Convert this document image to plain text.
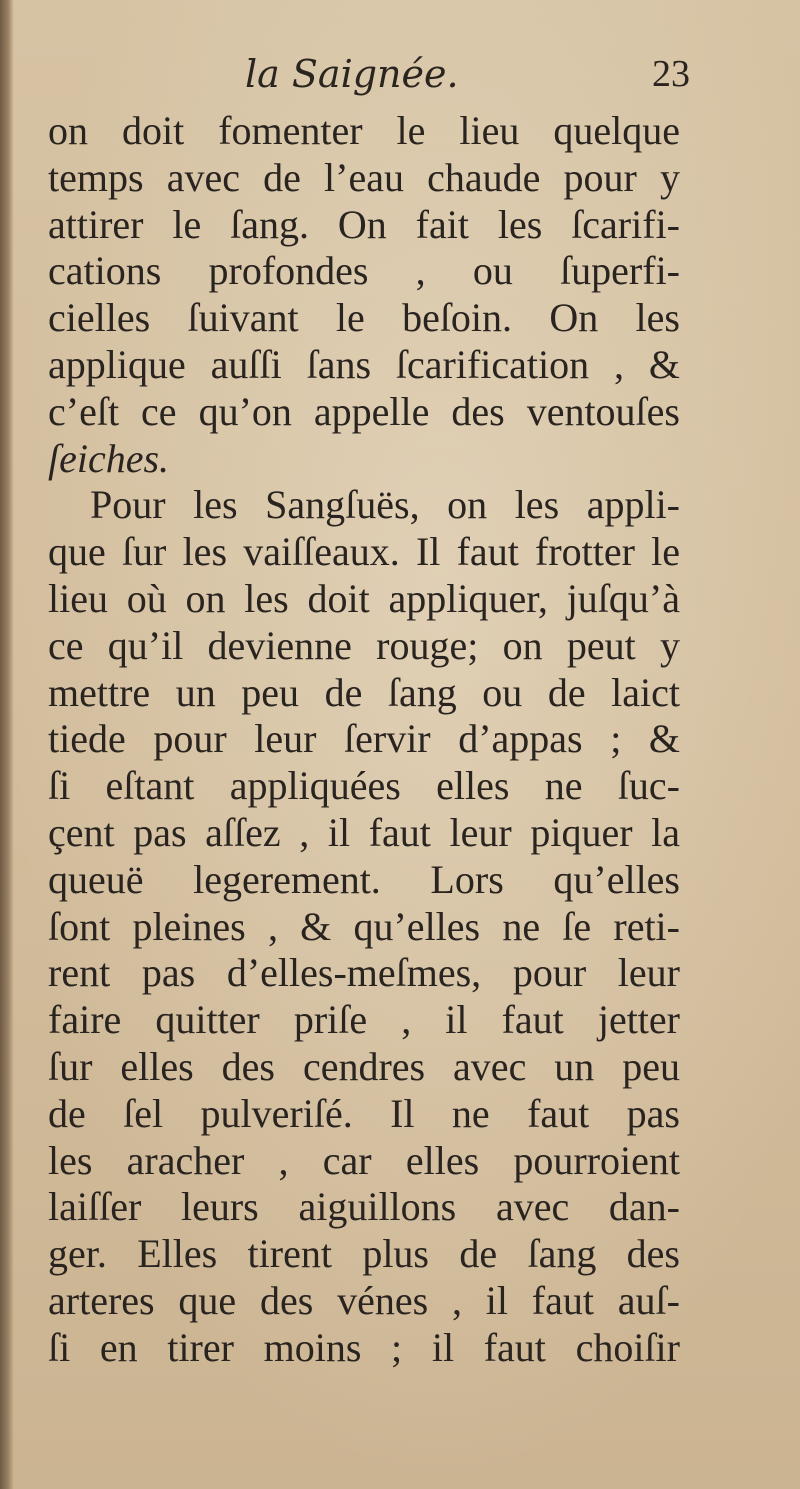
la Saignée.	23
on doit fomenter le lieu quelque
temps avec de l’eau chaude pour y
attirer le ſang. On fait les ſcarifi-
cations profondes , ou ſuperfi-
cielles ſuivant le beſoin. On les
applique auſſi ſans ſcarification , &
c’eſt ce qu’on appelle des ventouſes
ſeiches.
Pour les Sangſuës, on les appli-
que ſur les vaiſſeaux. Il faut frotter le
lieu où on les doit appliquer, juſqu’à
ce qu’il devienne rouge; on peut y
mettre un peu de ſang ou de laict
tiede pour leur ſervir d’appas ; &
ſi eſtant appliquées elles ne ſuc-
çent pas aſſez , il faut leur piquer la
queuë legerement. Lors qu’elles
ſont pleines , & qu’elles ne ſe reti-
rent pas d’elles-meſmes, pour leur
faire quitter priſe , il faut jetter
ſur elles des cendres avec un peu
de ſel pulveriſé. Il ne faut pas
les aracher , car elles pourroient
laiſſer leurs aiguillons avec dan-
ger. Elles tirent plus de ſang des
arteres que des vénes , il faut auſ-
ſi en tirer moins ; il faut choiſir
